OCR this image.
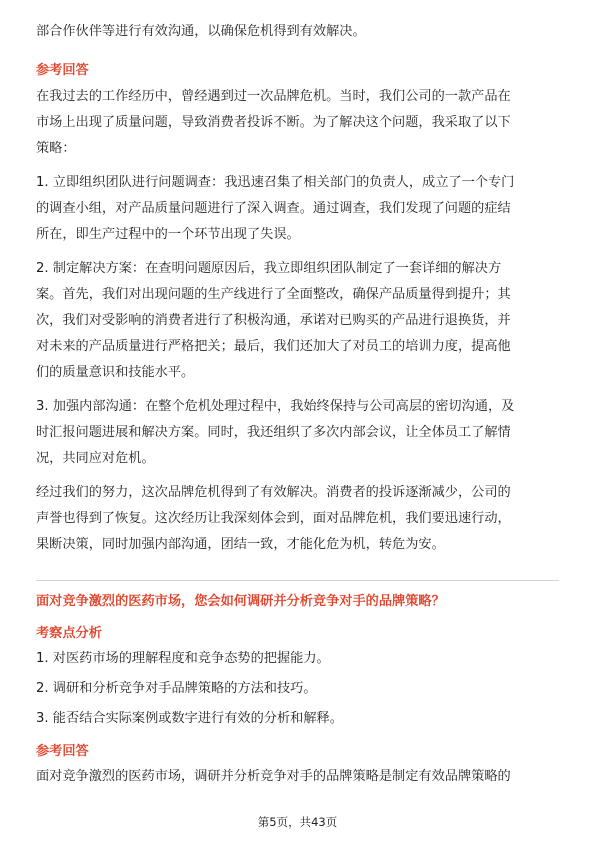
部合作伙伴等进行有效沟通，以确保危机得到有效解决。
参考回答
在我过去的工作经历中，曾经遇到过一次品牌危机。当时，我们公司的一款产品在
市场上出现了质量问题，导致消费者投诉不断。为了解决这个问题，我采取了以下
策略：
1. 立即组织团队进行问题调查：我迅速召集了相关部门的负责人，成立了一个专门
的调查小组，对产品质量问题进行了深入调查。通过调查，我们发现了问题的症结
所在，即生产过程中的一个环节出现了失误。
2. 制定解决方案：在查明问题原因后，我立即组织团队制定了一套详细的解决方
案。首先，我们对出现问题的生产线进行了全面整改，确保产品质量得到提升；其
次，我们对受影响的消费者进行了积极沟通，承诺对已购买的产品进行退换货，并
对未来的产品质量进行严格把关；最后，我们还加大了对员工的培训力度，提高他
们的质量意识和技能水平。
3. 加强内部沟通：在整个危机处理过程中，我始终保持与公司高层的密切沟通，及
时汇报问题进展和解决方案。同时，我还组织了多次内部会议，让全体员工了解情
况，共同应对危机。
经过我们的努力，这次品牌危机得到了有效解决。消费者的投诉逐渐减少，公司的
声誉也得到了恢复。这次经历让我深刻体会到，面对品牌危机，我们要迅速行动，
果断决策，同时加强内部沟通，团结一致，才能化危为机，转危为安。
面对竞争激烈的医药市场，您会如何调研并分析竞争对手的品牌策略？
考察点分析
1. 对医药市场的理解程度和竞争态势的把握能力。
2. 调研和分析竞争对手品牌策略的方法和技巧。
3. 能否结合实际案例或数字进行有效的分析和解释。
参考回答
面对竞争激烈的医药市场，调研并分析竞争对手的品牌策略是制定有效品牌策略的
第5页，共43页
